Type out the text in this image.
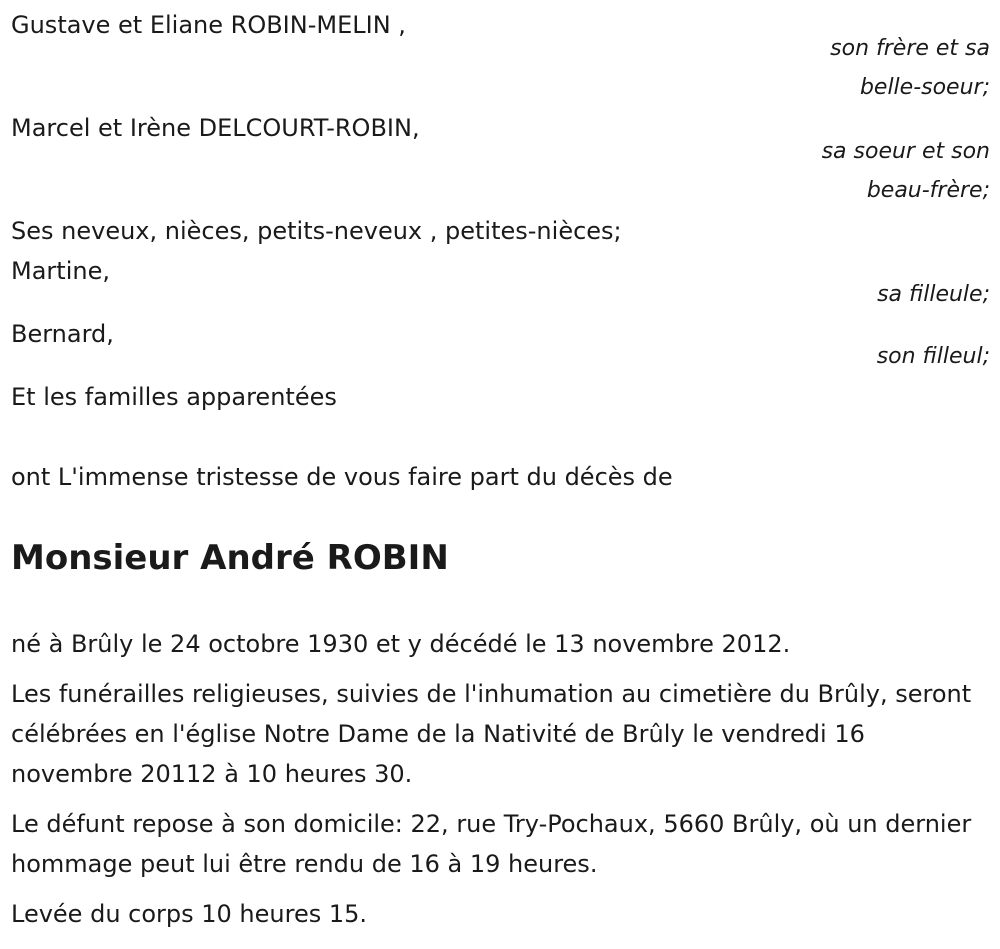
Gustave et Eliane ROBIN-MELIN ,

son frère et sa

belle-soeur;

Marcel et Irène DELCOURT-ROBIN,

sa soeur et son

beau-frère;

Ses neveux, nièces, petits-neveux , petites-nièces;

Martine,

sa filleule;

Bernard,

son filleul;

Et les familles apparentées

ont L'immense tristesse de vous faire part du décès de

Monsieur André ROBIN

né à Brûly le 24 octobre 1930 et y décédé le 13 novembre 2012.

Les funérailles religieuses, suivies de l'inhumation au cimetière du Brûly, seront célébrées en l'église Notre Dame de la Nativité de Brûly le vendredi 16 novembre 20112 à 10 heures 30.

Le défunt repose à son domicile: 22, rue Try-Pochaux, 5660 Brûly, où un dernier hommage peut lui être rendu de 16 à 19 heures.

Levée du corps 10 heures 15.
